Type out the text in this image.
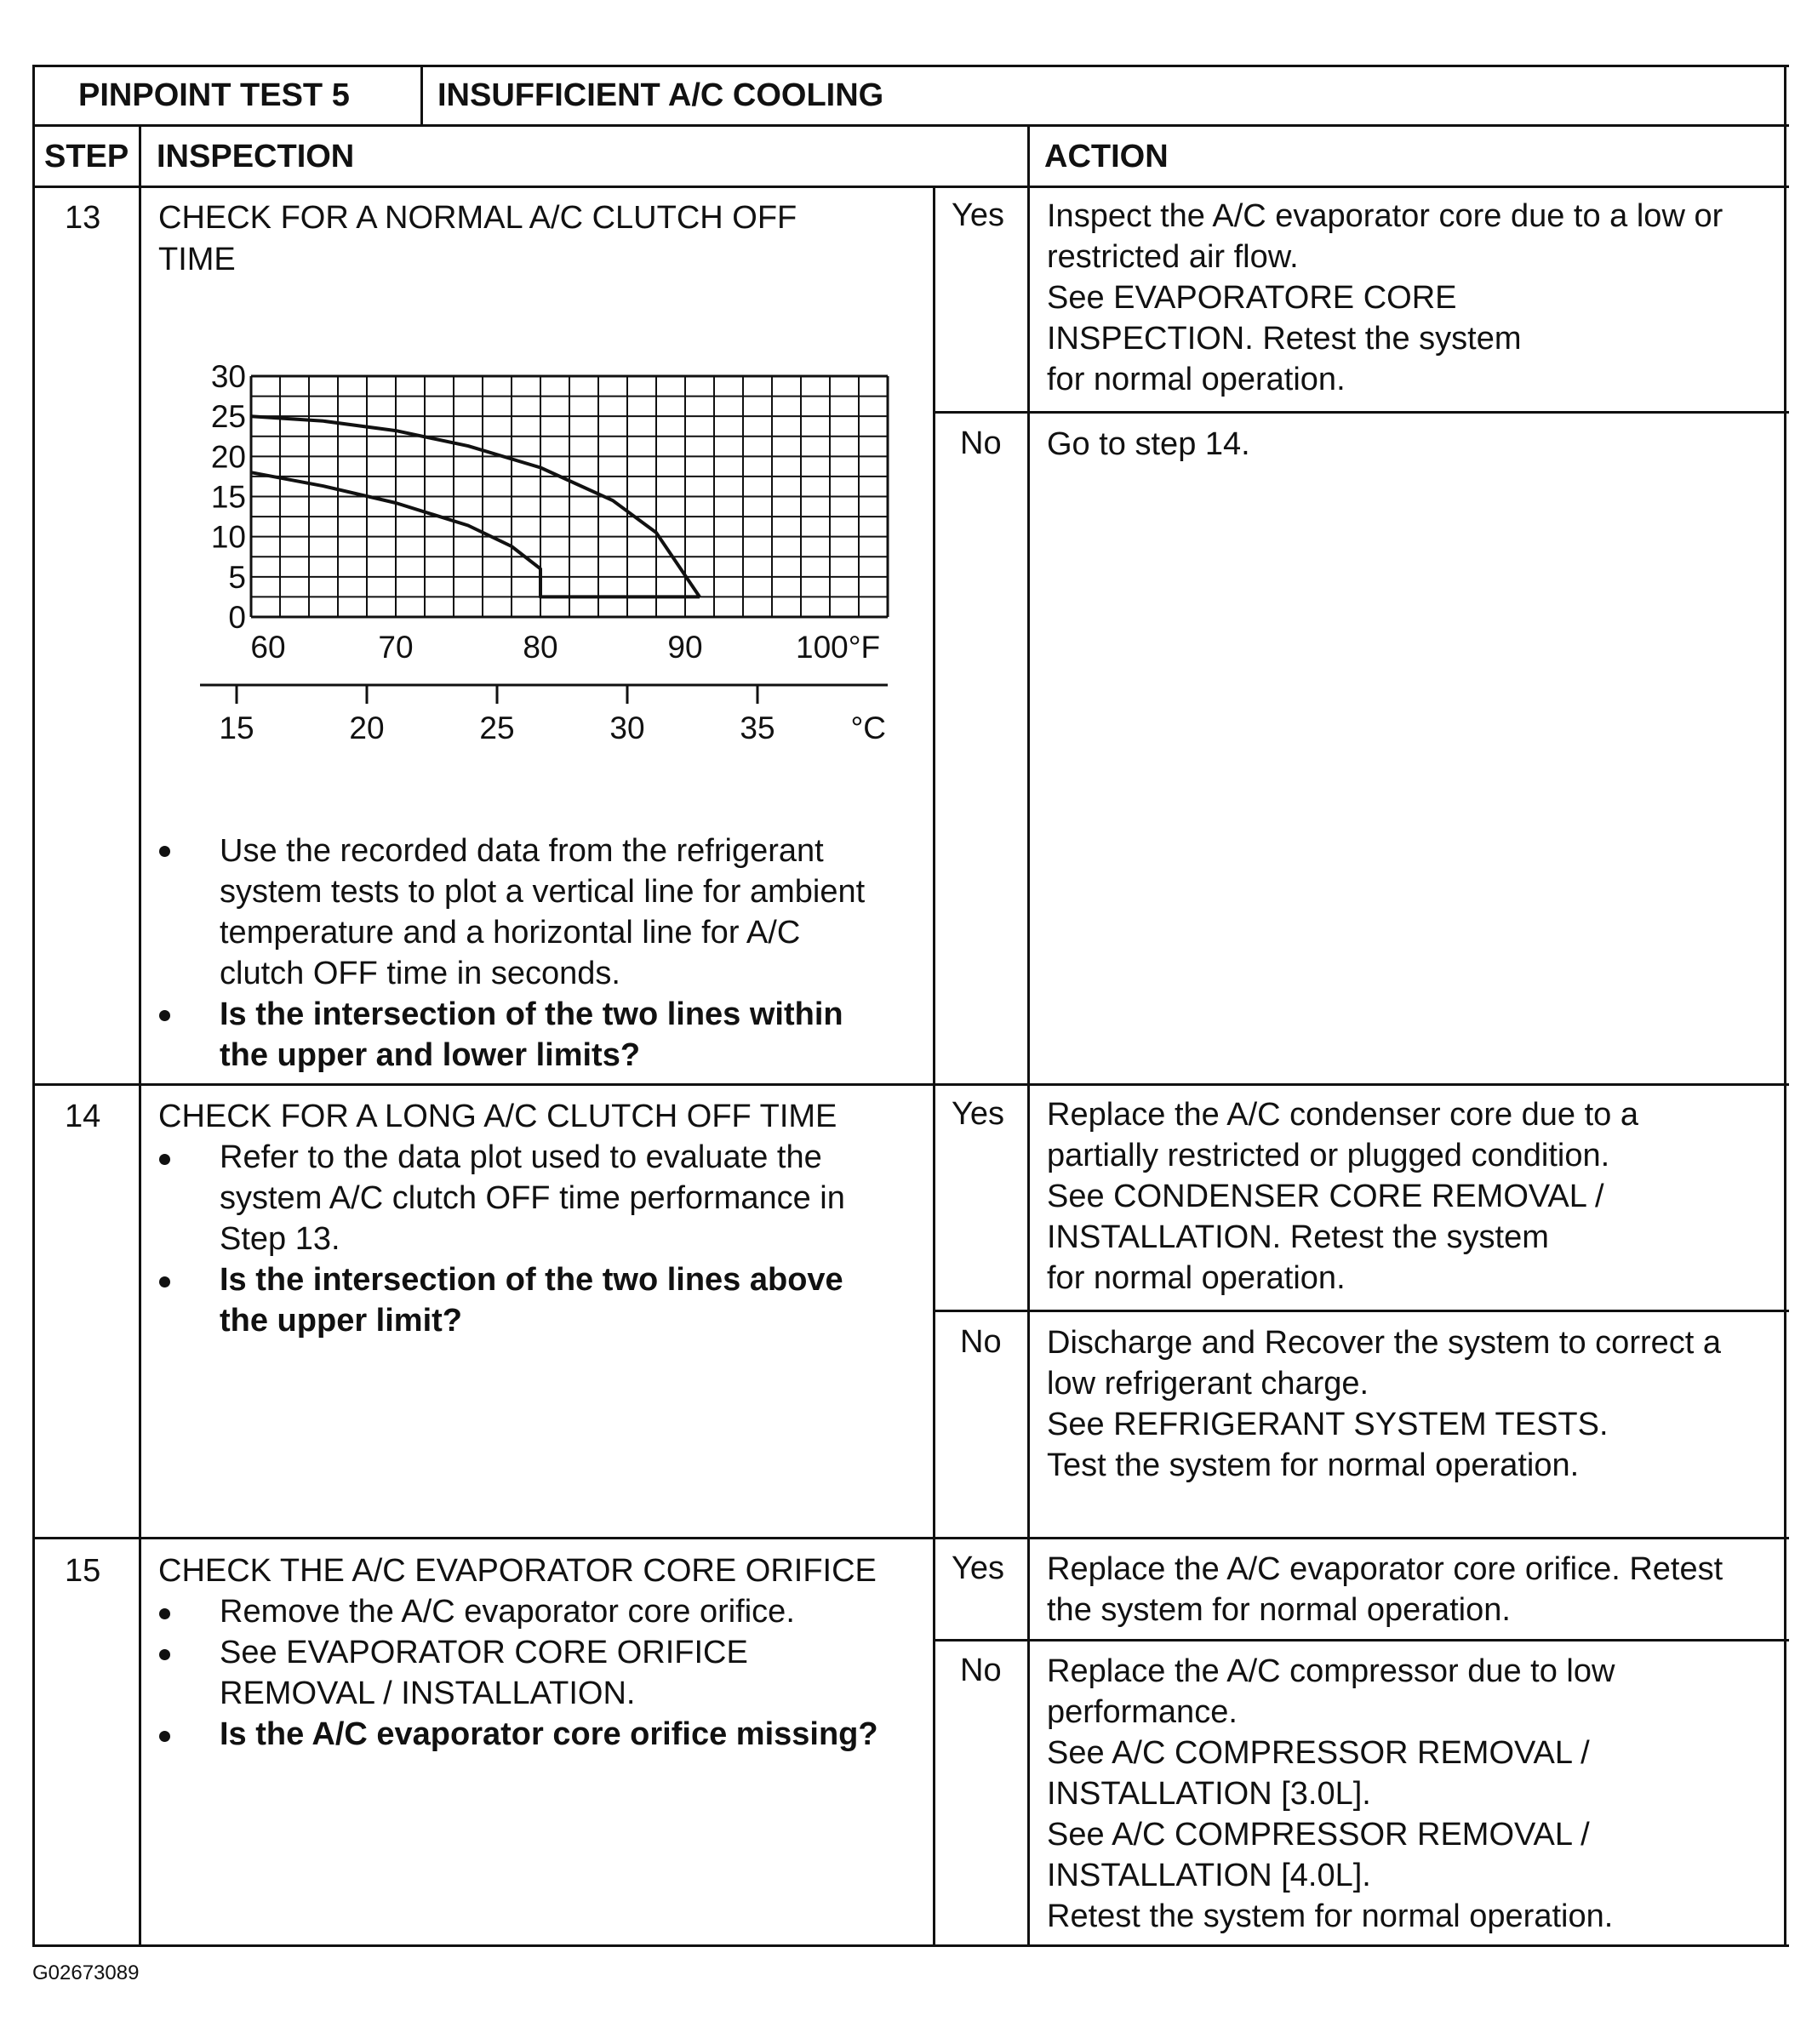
PINPOINT TEST 5	INSUFFICIENT A/C COOLING
STEP INSPECTION	ACTION
13 CHECK FOR A NORMAL A/C CLUTCH OFF
TIME
30
25
20
15
10
5
0
60	70	80	90	100°F
15	20	25	30	35 °C
Use the recorded data from the refrigerant
system tests to plot a vertical line for ambient
temperature and a horizontal line for A/C
clutch OFF time in seconds.
Is the intersection of the two lines within
the upper and lower limits?
Yes Inspect the A/C evaporator core due to a low or
restricted air flow.
See EVAPORATORE CORE
INSPECTION. Retest the system
for normal operation.
No Go to step 14.
14 CHECK FOR A LONG A/C CLUTCH OFF TIME
Refer to the data plot used to evaluate the
system A/C clutch OFF time performance in
Step 13.
Is the intersection of the two lines above
the upper limit?
Yes Replace the A/C condenser core due to a
partially restricted or plugged condition.
See CONDENSER CORE REMOVAL /
INSTALLATION. Retest the system
for normal operation.
No Discharge and Recover the system to correct a
low refrigerant charge.
See REFRIGERANT SYSTEM TESTS.
Test the system for normal operation.
15 CHECK THE A/C EVAPORATOR CORE ORIFICE
Remove the A/C evaporator core orifice.
See EVAPORATOR CORE ORIFICE
REMOVAL / INSTALLATION.
Is the A/C evaporator core orifice missing?
Yes Replace the A/C evaporator core orifice. Retest
the system for normal operation.
No Replace the A/C compressor due to low
performance.
See A/C COMPRESSOR REMOVAL /
INSTALLATION [3.0L].
See A/C COMPRESSOR REMOVAL /
INSTALLATION [4.0L].
Retest the system for normal operation.
G02673089
